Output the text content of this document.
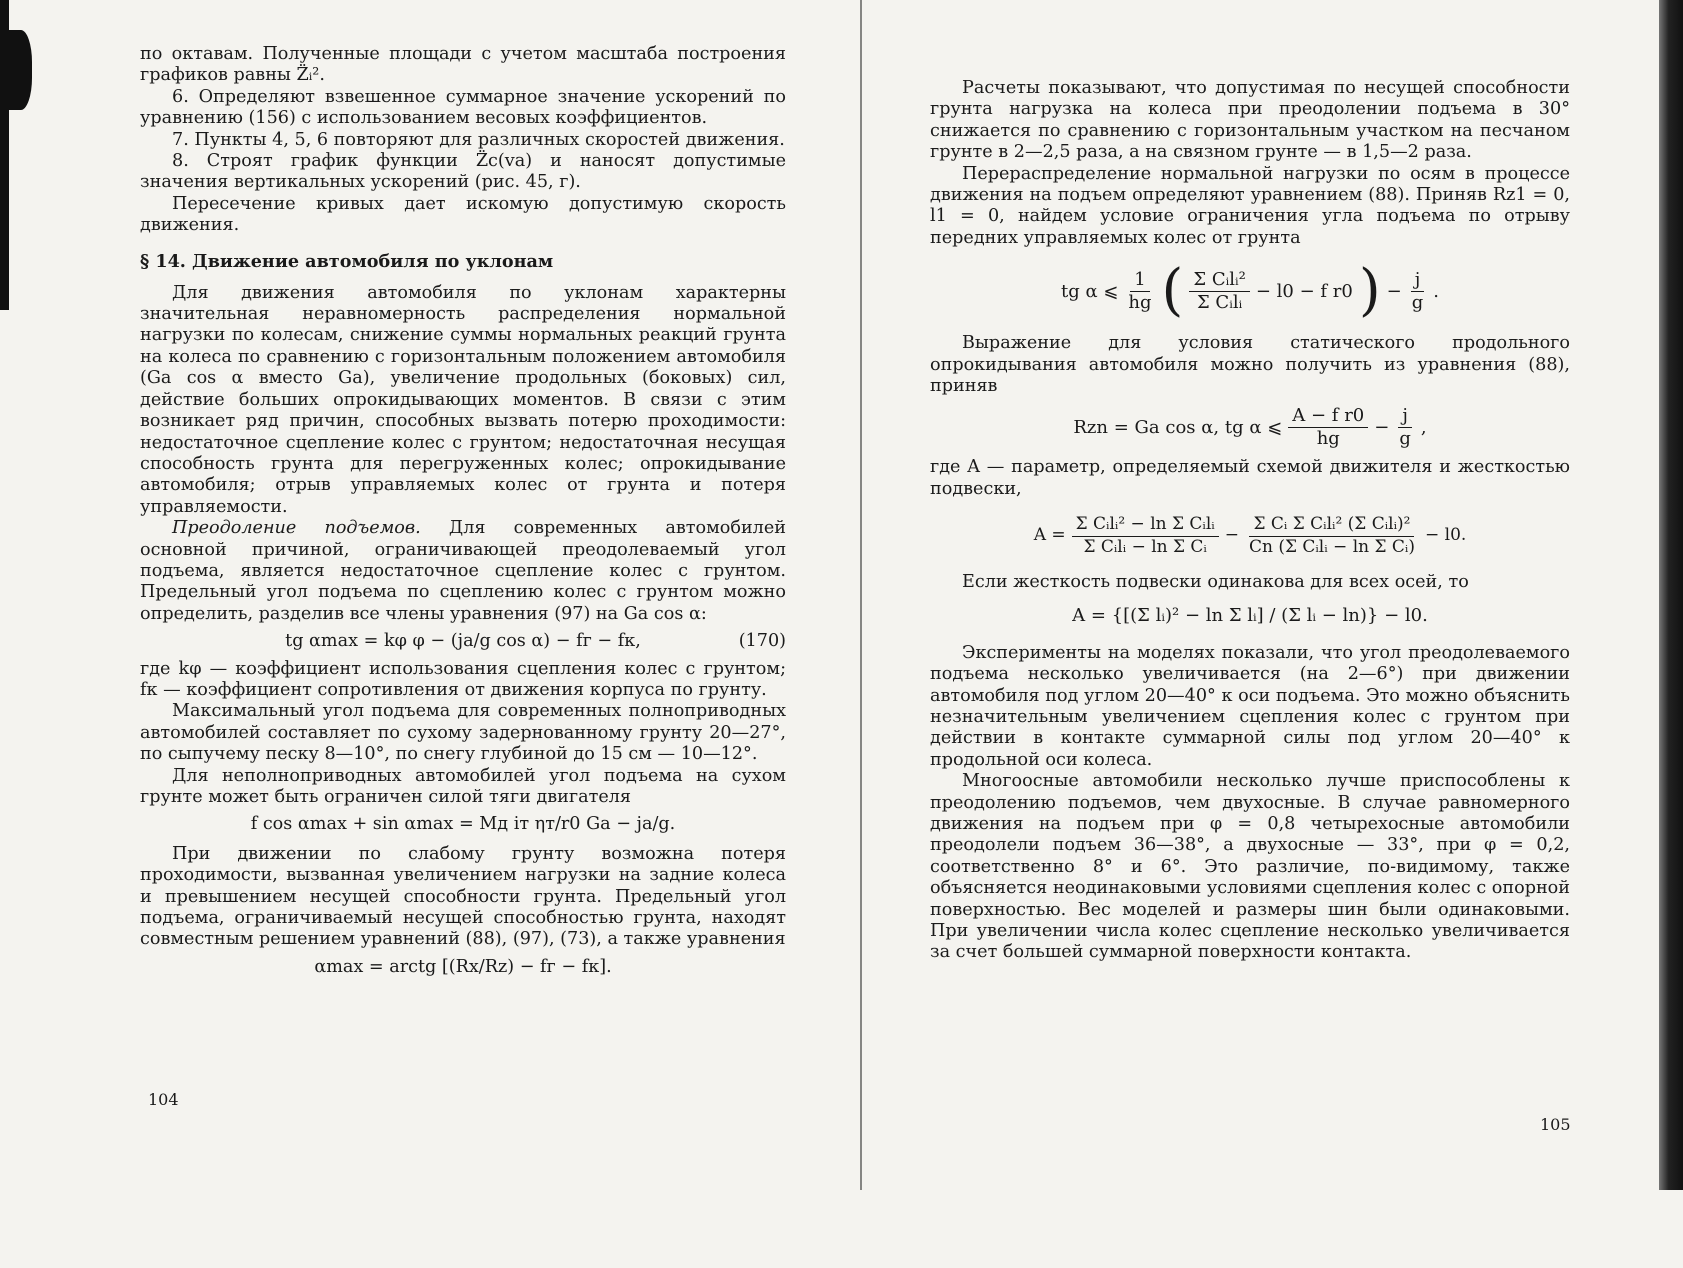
по октавам. Полученные площади с учетом масштаба построения графиков равны Z̈ᵢ².

6. Определяют взвешенное суммарное значение ускорений по уравнению (156) с использованием весовых коэффициентов.

7. Пункты 4, 5, 6 повторяют для различных скоростей движения.

8. Строят график функции Z̈с(vа) и наносят допустимые значения вертикальных ускорений (рис. 45, г).

Пересечение кривых дает искомую допустимую скорость движения.

§ 14. Движение автомобиля по уклонам

Для движения автомобиля по уклонам характерны значительная неравномерность распределения нормальной нагрузки по колесам, снижение суммы нормальных реакций грунта на колеса по сравнению с горизонтальным положением автомобиля (Gа cos α вместо Gа), увеличение продольных (боковых) сил, действие больших опрокидывающих моментов. В связи с этим возникает ряд причин, способных вызвать потерю проходимости: недостаточное сцепление колес с грунтом; недостаточная несущая способность грунта для перегруженных колес; опрокидывание автомобиля; отрыв управляемых колес от грунта и потеря управляемости.

Преодоление подъемов. Для современных автомобилей основной причиной, ограничивающей преодолеваемый угол подъема, является недостаточное сцепление колес с грунтом. Предельный угол подъема по сцеплению колес с грунтом можно определить, разделив все члены уравнения (97) на Gа cos α:

tg αmax = kφ φ − (jа/g cos α) − fг − fк,	(170)

где kφ — коэффициент использования сцепления колес с грунтом; fк — коэффициент сопротивления от движения корпуса по грунту.

Максимальный угол подъема для современных полноприводных автомобилей составляет по сухому задернованному грунту 20—27°, по сыпучему песку 8—10°, по снегу глубиной до 15 см — 10—12°.

Для неполноприводных автомобилей угол подъема на сухом грунте может быть ограничен силой тяги двигателя

f cos αmax + sin αmax = Mд iт ηт/r0 Gа − jа/g.

При движении по слабому грунту возможна потеря проходимости, вызванная увеличением нагрузки на задние колеса и превышением несущей способности грунта. Предельный угол подъема, ограничиваемый несущей способностью грунта, находят совместным решением уравнений (88), (97), (73), а также уравнения

αmax = arctg [(Rx/Rz) − fг − fк].
104

Расчеты показывают, что допустимая по несущей способности грунта нагрузка на колеса при преодолении подъема в 30° снижается по сравнению с горизонтальным участком на песчаном грунте в 2—2,5 раза, а на связном грунте — в 1,5—2 раза.

Перераспределение нормальной нагрузки по осям в процессе движения на подъем определяют уравнением (88). Приняв Rz1 = 0, l1 = 0, найдем условие ограничения угла подъема по отрыву передних управляемых колес от грунта

tg α ⩽ $\frac{1}{hg}$ ( $\frac{\text{Σ Cᵢlᵢ²}}{\text{Σ Cᵢlᵢ}} - l0 - f$ r0 ) − $\frac{j}{g}$ .

Выражение для условия статического продольного опрокидывания автомобиля можно получить из уравнения (88), приняв

Rzn = Gа cos α, tg α ⩽ $\frac{\text{A − f r0}}{hg} - \frac{j}{g}$ ,

где A — параметр, определяемый схемой движителя и жесткостью подвески,

$A = \frac{\text{Σ Cᵢlᵢ² − ln Σ Cᵢlᵢ}}{\text{Σ Cᵢlᵢ − ln Σ Cᵢ}} - \frac{\text{Σ Cᵢ Σ Cᵢlᵢ² (Σ Cᵢlᵢ)²}}{\text{Cn (Σ Cᵢlᵢ − ln Σ Cᵢ)}} - l0$.

Если жесткость подвески одинакова для всех осей, то

A = {[(Σ lᵢ)² − ln Σ lᵢ] / (Σ lᵢ − ln)} − l0.

Эксперименты на моделях показали, что угол преодолеваемого подъема несколько увеличивается (на 2—6°) при движении автомобиля под углом 20—40° к оси подъема. Это можно объяснить незначительным увеличением сцепления колес с грунтом при действии в контакте суммарной силы под углом 20—40° к продольной оси колеса.

Многоосные автомобили несколько лучше приспособлены к преодолению подъемов, чем двухосные. В случае равномерного движения на подъем при φ = 0,8 четырехосные автомобили преодолели подъем 36—38°, а двухосные — 33°, при φ = 0,2, соответственно 8° и 6°. Это различие, по-видимому, также объясняется неодинаковыми условиями сцепления колес с опорной поверхностью. Вес моделей и размеры шин были одинаковыми. При увеличении числа колес сцепление несколько увеличивается за счет большей суммарной поверхности контакта.

105
